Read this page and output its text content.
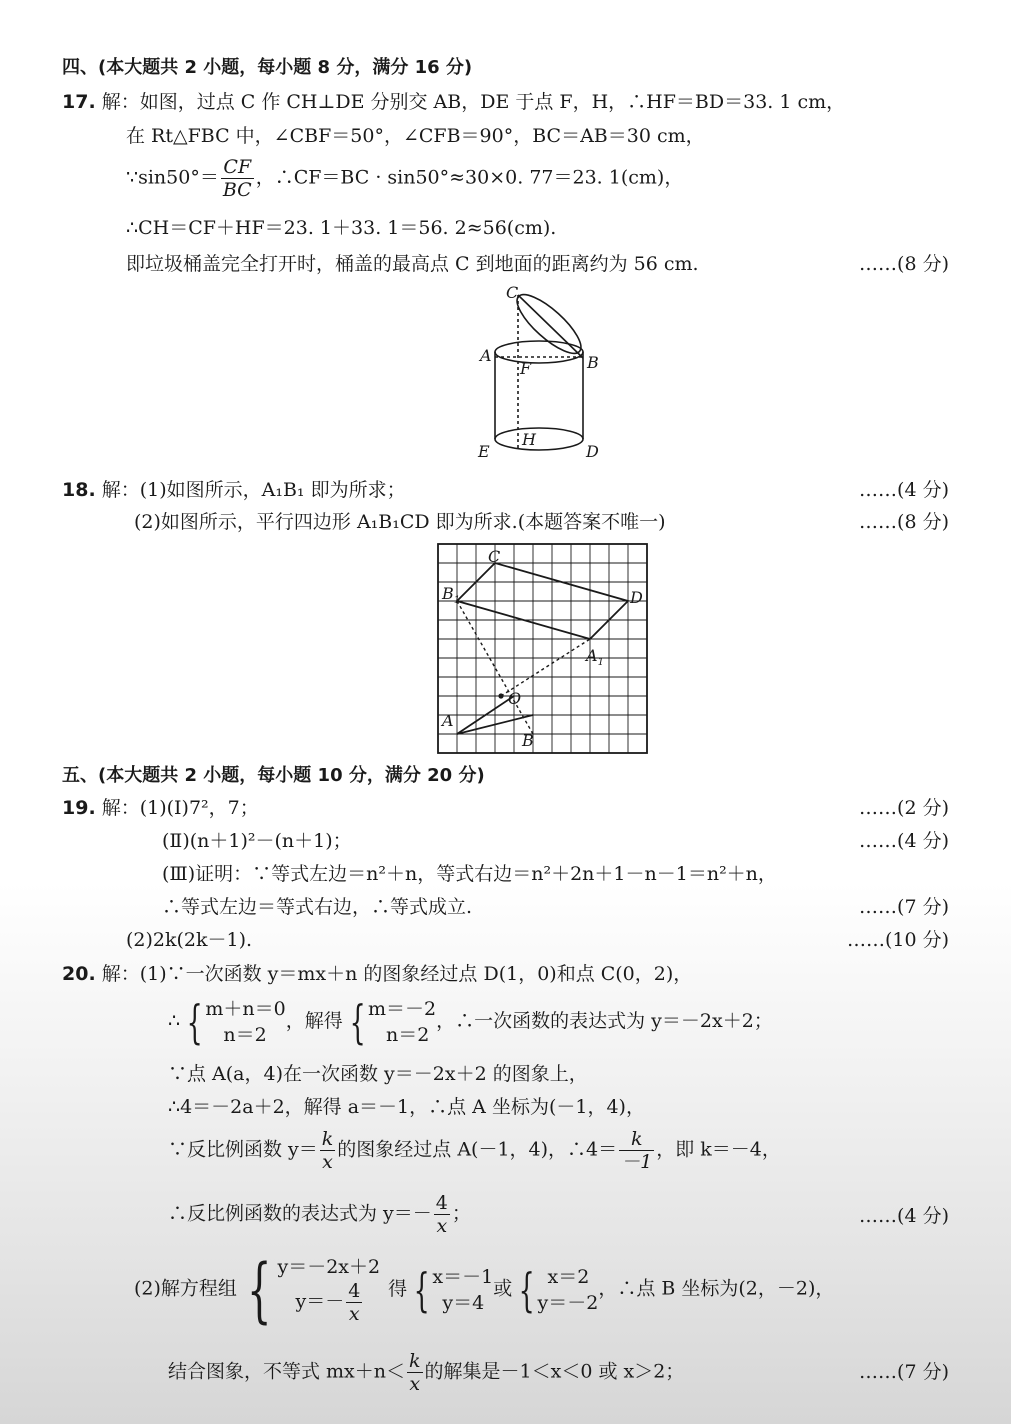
四、(本大题共 2 小题，每小题 8 分，满分 16 分)
17. 解：如图，过点 C 作 CH⊥DE 分别交 AB，DE 于点 F，H，∴HF＝BD＝33. 1 cm，
在 Rt△FBC 中，∠CBF＝50°，∠CFB＝90°，BC＝AB＝30 cm，
∵sin50°＝ $\frac{CF}{BC}$ ，∴CF＝BC · sin50°≈30×0. 77＝23. 1(cm)，
∴CH＝CF＋HF＝23. 1＋33. 1＝56. 2≈56(cm).
即垃圾桶盖完全打开时，桶盖的最高点 C 到地面的距离约为 56 cm.	……(8 分)
C
A	B
F
E
H
D
18. 解：(1)如图所示，A₁B₁ 即为所求；	……(4 分)
(2)如图所示，平行四边形 A₁B₁CD 即为所求.(本题答案不唯一)	……(8 分)
C
$B_1$	D
$A_1$
O
A
B
五、(本大题共 2 小题，每小题 10 分，满分 20 分)
19. 解：(1)(Ⅰ)7²，7；	……(2 分)
(Ⅱ)(n＋1)²－(n＋1)；	……(4 分)
(Ⅲ)证明：∵等式左边＝n²＋n，等式右边＝n²＋2n＋1－n－1＝n²＋n，
∴等式左边＝等式右边，∴等式成立.	……(7 分)
(2)2k(2k－1).	……(10 分)
20. 解：(1)∵一次函数 y＝mx＋n 的图象经过点 D(1，0)和点 C(0，2)，
∴ { m＋n＝0
n＝2
，解得 { m＝－2
n＝2
，∴一次函数的表达式为 y＝－2x＋2；
∵点 A(a，4)在一次函数 y＝－2x＋2 的图象上，
∴4＝－2a＋2，解得 a＝－1，∴点 A 坐标为(－1，4)，
∵反比例函数 $y= \frac{k}{x}$ 的图象经过点 A(－1，4)，∴4＝ $\frac{k}{-1}$ ，即 k＝－4，
∴反比例函数的表达式为 $y=- \frac{4}{x}$ ；	……(4 分)
(2)解方程组 { y＝－2x＋2
$y=- \frac{4}{x}$ 得 { x＝－1
y＝4
或 { x＝2
y＝－2
，∴点 B 坐标为(2，－2)，
结合图象，不等式 $mx+n< \frac{k}{x}$ 的解集是－1＜x＜0 或 x＞2；	……(7 分)
